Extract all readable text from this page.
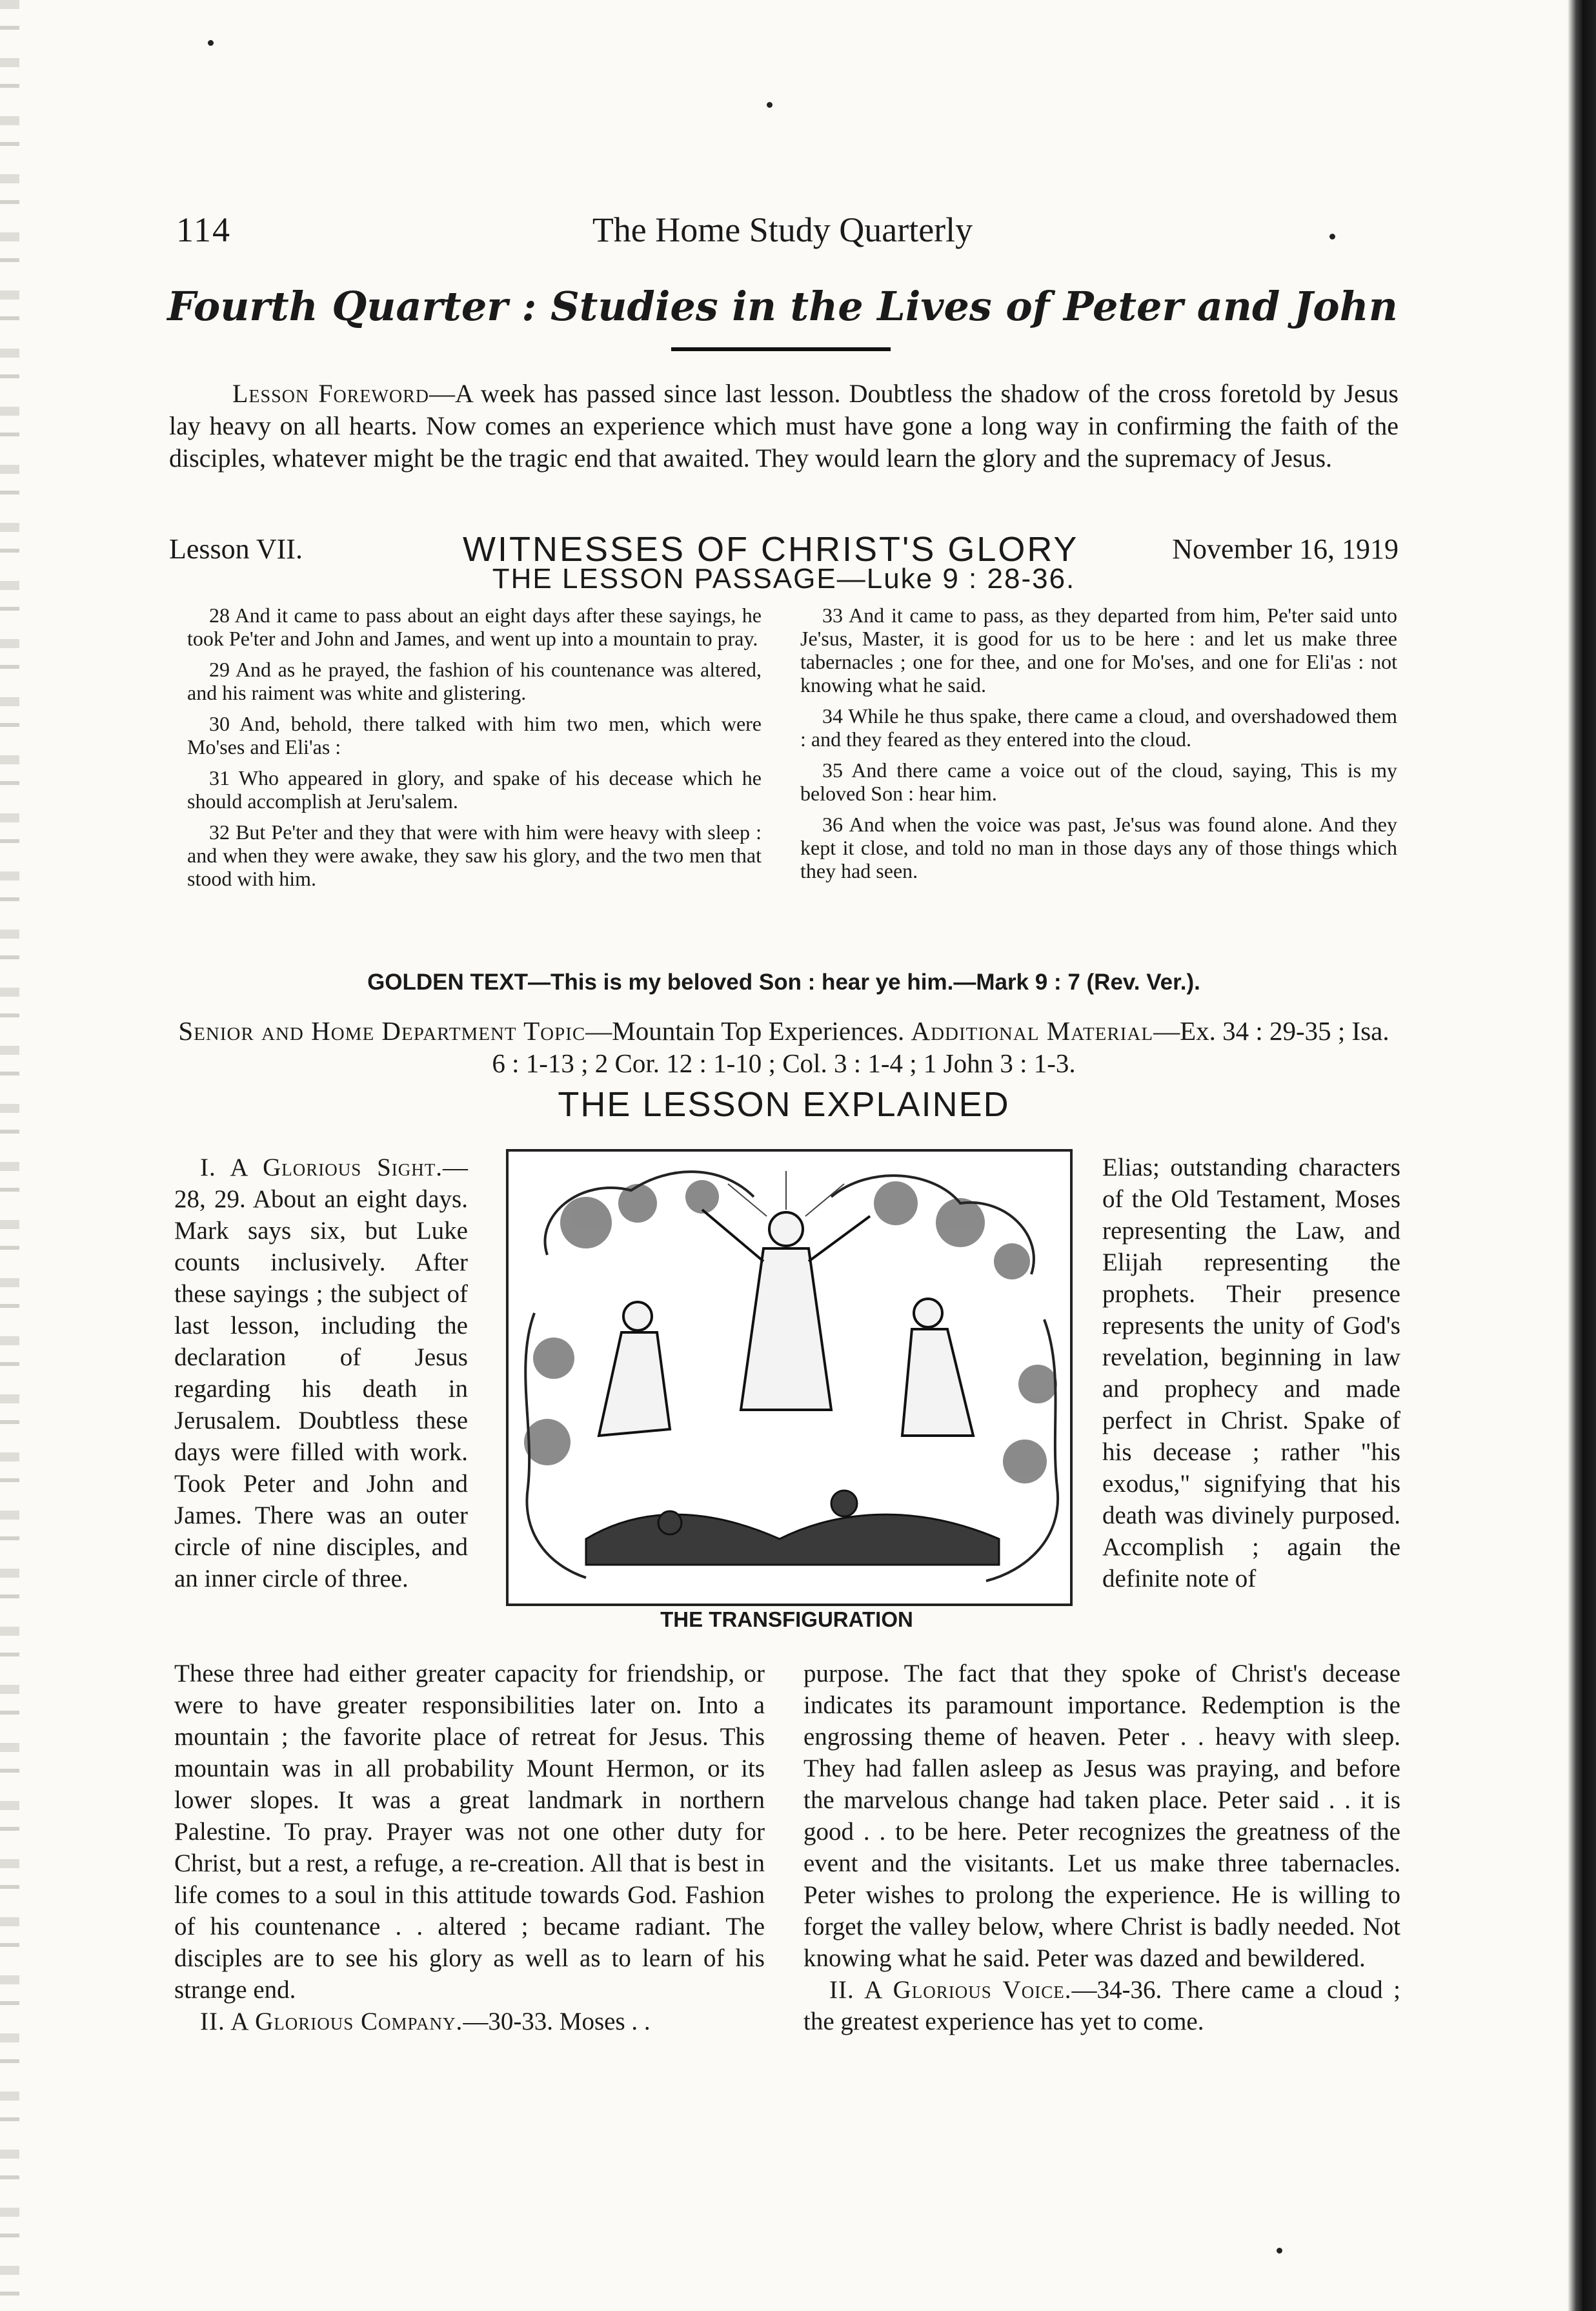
114	The Home Study Quarterly
Fourth Quarter : Studies in the Lives of Peter and John
Lesson Foreword—A week has passed since last lesson. Doubtless the shadow of the cross foretold by Jesus lay heavy on all hearts. Now comes an experience which must have gone a long way in confirming the faith of the disciples, whatever might be the tragic end that awaited. They would learn the glory and the supremacy of Jesus.
Lesson VII.	WITNESSES OF CHRIST'S GLORY	November 16, 1919
THE LESSON PASSAGE—Luke 9 : 28-36.

28 And it came to pass about an eight days after these sayings, he took Pe'ter and John and James, and went up into a mountain to pray.

29 And as he prayed, the fashion of his countenance was altered, and his raiment was white and glistering.

30 And, behold, there talked with him two men, which were Mo'ses and Eli'as :

31 Who appeared in glory, and spake of his decease which he should accomplish at Jeru'salem.

32 But Pe'ter and they that were with him were heavy with sleep : and when they were awake, they saw his glory, and the two men that stood with him.

33 And it came to pass, as they departed from him, Pe'ter said unto Je'sus, Master, it is good for us to be here : and let us make three tabernacles ; one for thee, and one for Mo'ses, and one for Eli'as : not knowing what he said.

34 While he thus spake, there came a cloud, and overshadowed them : and they feared as they entered into the cloud.

35 And there came a voice out of the cloud, saying, This is my beloved Son : hear him.

36 And when the voice was past, Je'sus was found alone. And they kept it close, and told no man in those days any of those things which they had seen.

GOLDEN TEXT—This is my beloved Son : hear ye him.—Mark 9 : 7 (Rev. Ver.).
Senior and Home Department Topic—Mountain Top Experiences. Additional Material—Ex. 34 : 29-35 ; Isa. 6 : 1-13 ; 2 Cor. 12 : 1-10 ; Col. 3 : 1-4 ; 1 John 3 : 1-3.
THE LESSON EXPLAINED

I. A Glorious Sight.—28, 29. About an eight days. Mark says six, but Luke counts inclusively. After these sayings ; the subject of last lesson, including the declaration of Jesus regarding his death in Jerusalem. Doubtless these days were filled with work. Took Peter and John and James. There was an outer circle of nine disciples, and an inner circle of three.

THE TRANSFIGURATION

Elias; outstanding characters of the Old Testament, Moses representing the Law, and Elijah representing the prophets. Their presence represents the unity of God's revelation, beginning in law and prophecy and made perfect in Christ. Spake of his decease ; rather "his exodus," signifying that his death was divinely purposed. Accomplish ; again the definite note of

These three had either greater capacity for friendship, or were to have greater responsibilities later on. Into a mountain ; the favorite place of retreat for Jesus. This mountain was in all probability Mount Hermon, or its lower slopes. It was a great landmark in northern Palestine. To pray. Prayer was not one other duty for Christ, but a rest, a refuge, a re-creation. All that is best in life comes to a soul in this attitude towards God. Fashion of his countenance . . altered ; became radiant. The disciples are to see his glory as well as to learn of his strange end.

II. A Glorious Company.—30-33. Moses . .

purpose. The fact that they spoke of Christ's decease indicates its paramount importance. Redemption is the engrossing theme of heaven. Peter . . heavy with sleep. They had fallen asleep as Jesus was praying, and before the marvelous change had taken place. Peter said . . it is good . . to be here. Peter recognizes the greatness of the event and the visitants. Let us make three tabernacles. Peter wishes to prolong the experience. He is willing to forget the valley below, where Christ is badly needed. Not knowing what he said. Peter was dazed and bewildered.

II. A Glorious Voice.—34-36. There came a cloud ; the greatest experience has yet to come.
